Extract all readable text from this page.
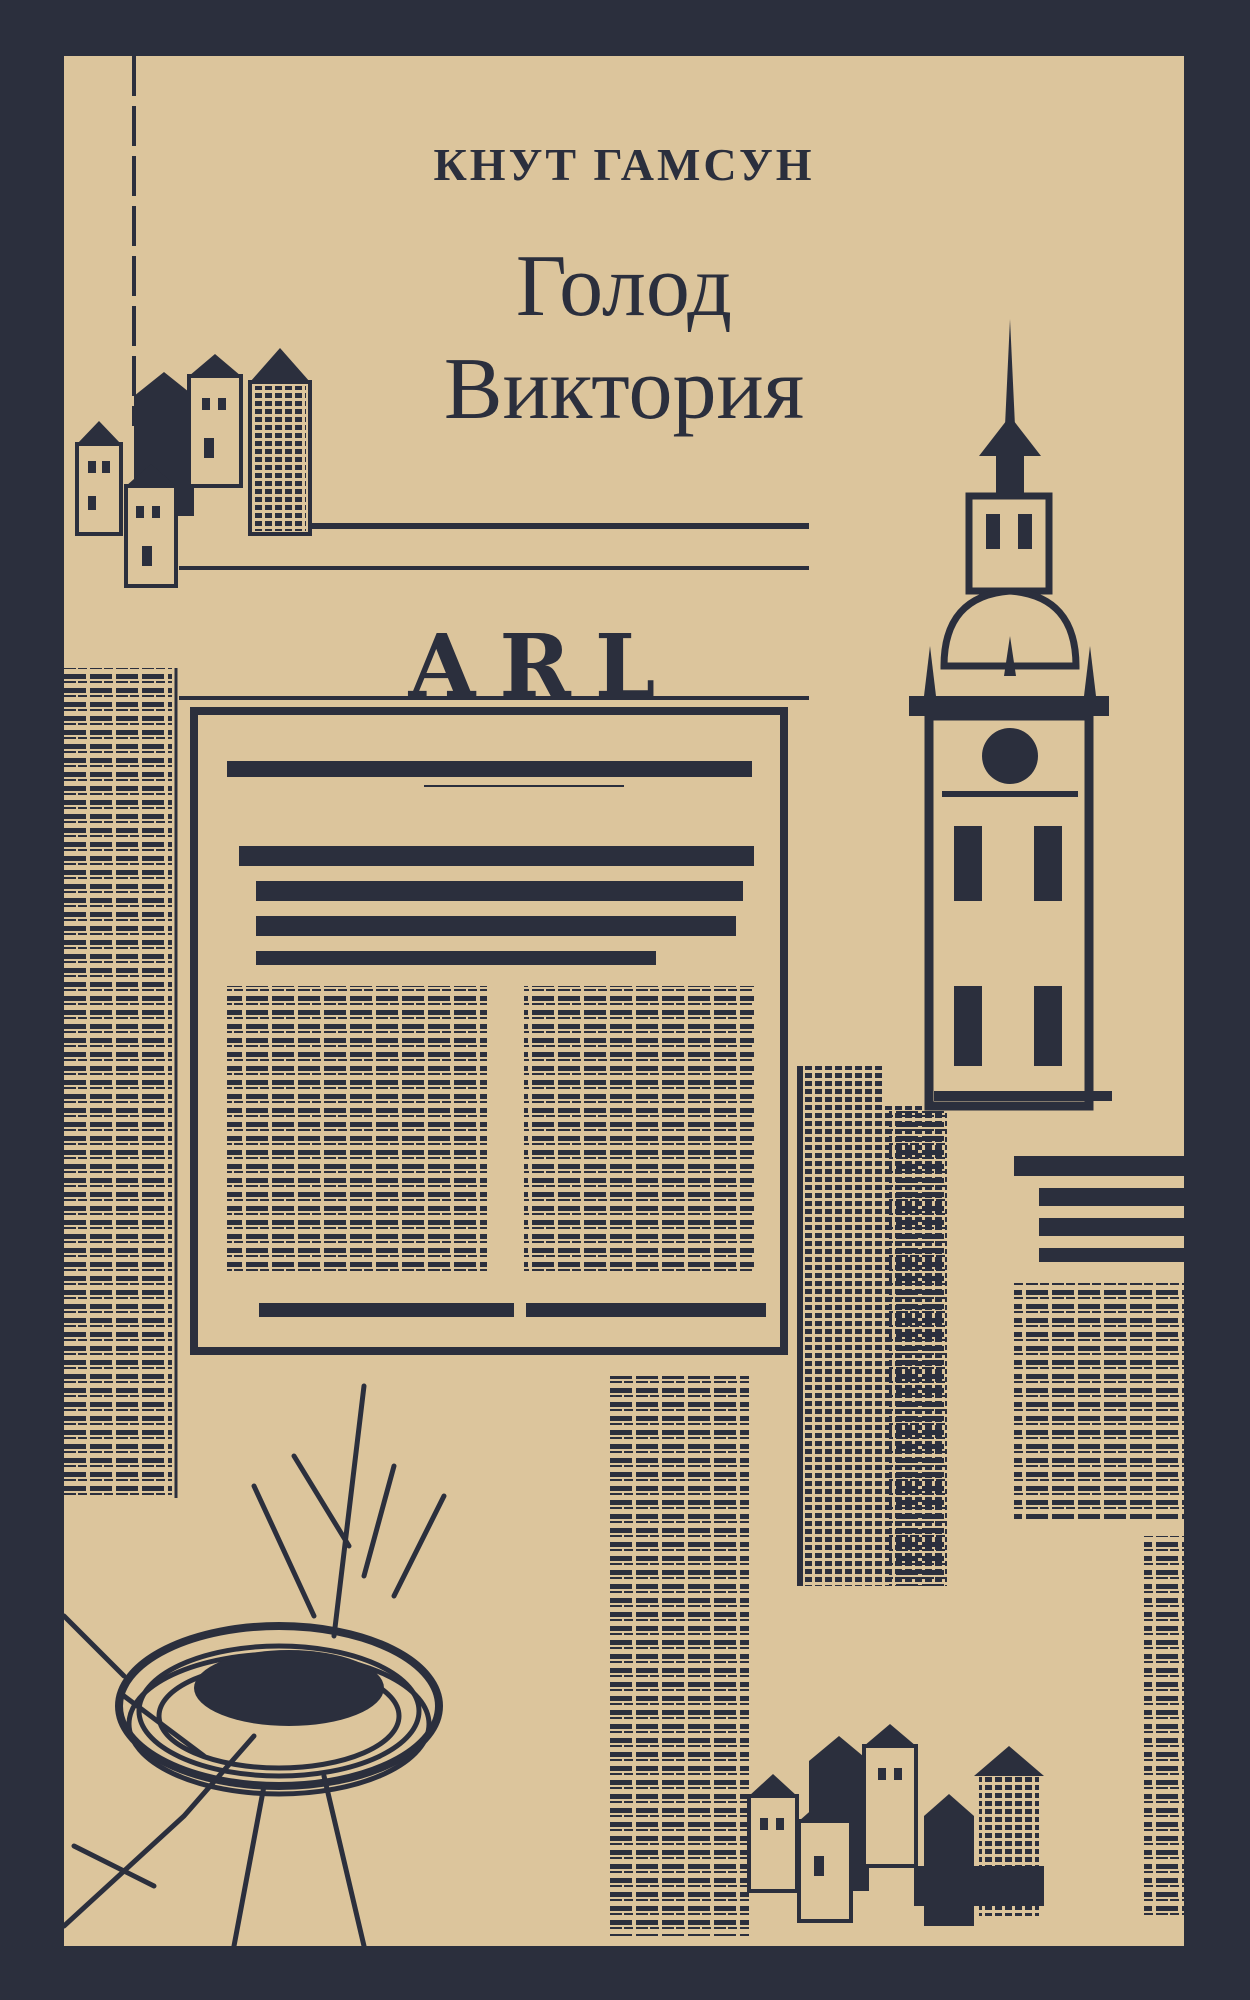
КНУТ ГАМСУН

Голод

Виктория

ARL
